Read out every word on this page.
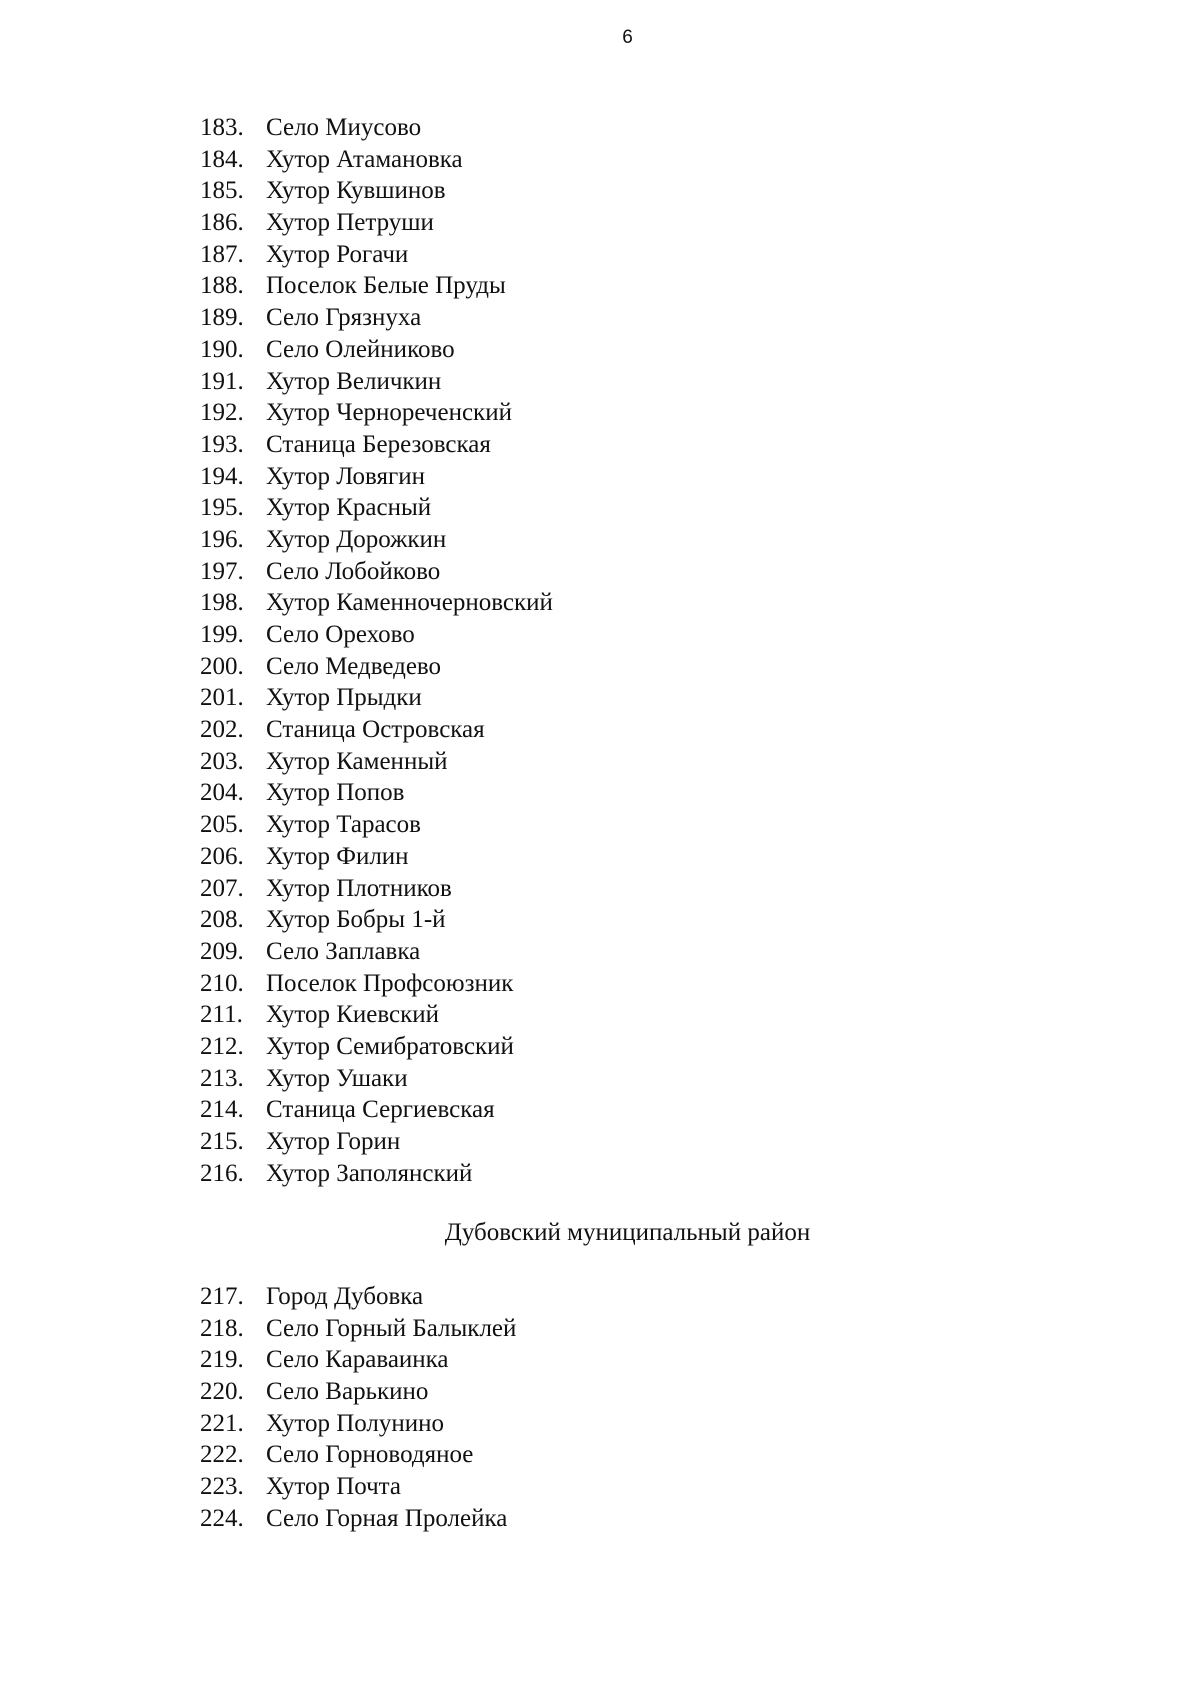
6
183. Село Миусово
184. Хутор Атамановка
185. Хутор Кувшинов
186. Хутор Петруши
187. Хутор Рогачи
188. Поселок Белые Пруды
189. Село Грязнуха
190. Село Олейниково
191. Хутор Величкин
192. Хутор Чернореченский
193. Станица Березовская
194. Хутор Ловягин
195. Хутор Красный
196. Хутор Дорожкин
197. Село Лобойково
198. Хутор Каменночерновский
199. Село Орехово
200. Село Медведево
201. Хутор Прыдки
202. Станица Островская
203. Хутор Каменный
204. Хутор Попов
205. Хутор Тарасов
206. Хутор Филин
207. Хутор Плотников
208. Хутор Бобры 1-й
209. Село Заплавка
210. Поселок Профсоюзник
211. Хутор Киевский
212. Хутор Семибратовский
213. Хутор Ушаки
214. Станица Сергиевская
215. Хутор Горин
216. Хутор Заполянский
Дубовский муниципальный район
217. Город Дубовка
218. Село Горный Балыклей
219. Село Караваинка
220. Село Варькино
221. Хутор Полунино
222. Село Горноводяное
223. Хутор Почта
224. Село Горная Пролейка
